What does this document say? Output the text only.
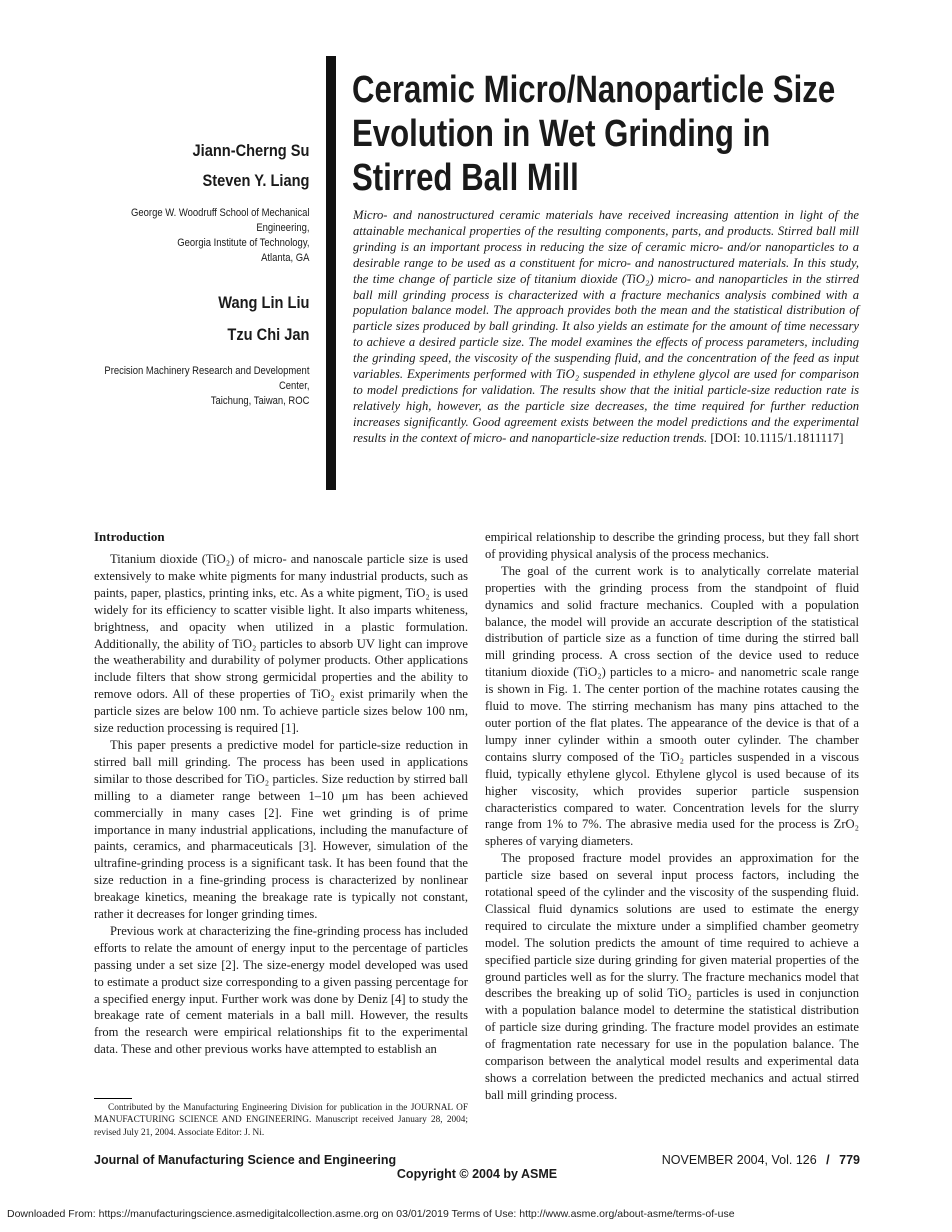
Jiann-Cherng Su
Steven Y. Liang
George W. Woodruff School of Mechanical
Engineering,
Georgia Institute of Technology,
Atlanta, GA
Wang Lin Liu
Tzu Chi Jan
Precision Machinery Research and Development
Center,
Taichung, Taiwan, ROC
Ceramic Micro/Nanoparticle Size
Evolution in Wet Grinding in
Stirred Ball Mill
Micro- and nanostructured ceramic materials have received increasing attention in light of the attainable mechanical properties of the resulting components, parts, and products. Stirred ball mill grinding is an important process in reducing the size of ceramic micro- and/or nanoparticles to a desirable range to be used as a constituent for micro- and nanostructured materials. In this study, the time change of particle size of titanium dioxide (TiO₂) micro- and nanoparticles in the stirred ball mill grinding process is characterized with a fracture mechanics analysis combined with a population balance model. The approach provides both the mean and the statistical distribution of particle sizes produced by ball grinding. It also yields an estimate for the amount of time necessary to achieve a desired particle size. The model examines the effects of process parameters, including the grinding speed, the viscosity of the suspending fluid, and the concentration of the feed as input variables. Experiments performed with TiO₂ suspended in ethylene glycol are used for comparison to model predictions for validation. The results show that the initial particle-size reduction rate is relatively high, however, as the particle size decreases, the time required for further reduction increases significantly. Good agreement exists between the model predictions and the experimental results in the context of micro- and nanoparticle-size reduction trends. [DOI: 10.1115/1.1811117]
Introduction

Titanium dioxide (TiO₂) of micro- and nanoscale particle size is used extensively to make white pigments for many industrial products, such as paints, paper, plastics, printing inks, etc. As a white pigment, TiO₂ is used widely for its efficiency to scatter visible light. It also imparts whiteness, brightness, and opacity when utilized in a plastic formulation. Additionally, the ability of TiO₂ particles to absorb UV light can improve the weatherability and durability of polymer products. Other applications include filters that show strong germicidal properties and the ability to remove odors. All of these properties of TiO₂ exist primarily when the particle sizes are below 100 nm. To achieve particle sizes below 100 nm, size reduction processing is required [1].

This paper presents a predictive model for particle-size reduction in stirred ball mill grinding. The process has been used in applications similar to those described for TiO₂ particles. Size reduction by stirred ball milling to a diameter range between 1–10 μm has been achieved commercially in many cases [2]. Fine wet grinding is of prime importance in many industrial applications, including the manufacture of paints, ceramics, and pharmaceuticals [3]. However, simulation of the ultrafine-grinding process is a significant task. It has been found that the size reduction in a fine-grinding process is characterized by nonlinear breakage kinetics, meaning the breakage rate is typically not constant, rather it decreases for longer grinding times.

Previous work at characterizing the fine-grinding process has included efforts to relate the amount of energy input to the percentage of particles passing under a set size [2]. The size-energy model developed was used to estimate a product size corresponding to a given passing percentage for a specified energy input. Further work was done by Deniz [4] to study the breakage rate of cement materials in a ball mill. However, the results from the research were empirical relationships fit to the experimental data. These and other previous works have attempted to establish an

empirical relationship to describe the grinding process, but they fall short of providing physical analysis of the process mechanics.

The goal of the current work is to analytically correlate material properties with the grinding process from the standpoint of fluid dynamics and solid fracture mechanics. Coupled with a population balance, the model will provide an accurate description of the statistical distribution of particle size as a function of time during the stirred ball mill grinding process. A cross section of the device used to reduce titanium dioxide (TiO₂) particles to a micro- and nanometric scale range is shown in Fig. 1. The center portion of the machine rotates causing the fluid to move. The stirring mechanism has many pins attached to the outer portion of the flat plates. The appearance of the device is that of a lumpy inner cylinder within a smooth outer cylinder. The chamber contains slurry composed of the TiO₂ particles suspended in a viscous fluid, typically ethylene glycol. Ethylene glycol is used because of its higher viscosity, which provides superior particle suspension characteristics compared to water. Concentration levels for the slurry range from 1% to 7%. The abrasive media used for the process is ZrO₂ spheres of varying diameters.

The proposed fracture model provides an approximation for the particle size based on several input process factors, including the rotational speed of the cylinder and the viscosity of the suspending fluid. Classical fluid dynamics solutions are used to estimate the energy required to circulate the mixture under a simplified chamber geometry model. The solution predicts the amount of time required to achieve a specified particle size during grinding for given material properties of the ground particles well as for the slurry. The fracture mechanics model that describes the breaking up of solid TiO₂ particles is used in conjunction with a population balance model to determine the statistical distribution of particle size during grinding. The fracture model provides an estimate of fragmentation rate necessary for use in the population balance. The comparison between the analytical model results and experimental data shows a correlation between the predicted mechanics and actual stirred ball mill grinding process.

Contributed by the Manufacturing Engineering Division for publication in the JOURNAL OF MANUFACTURING SCIENCE AND ENGINEERING. Manuscript received January 28, 2004; revised July 21, 2004. Associate Editor: J. Ni.
Journal of Manufacturing Science and Engineering	NOVEMBER 2004, Vol. 126 / 779
Copyright © 2004 by ASME
Downloaded From: https://manufacturingscience.asmedigitalcollection.asme.org on 03/01/2019 Terms of Use: http://www.asme.org/about-asme/terms-of-use
